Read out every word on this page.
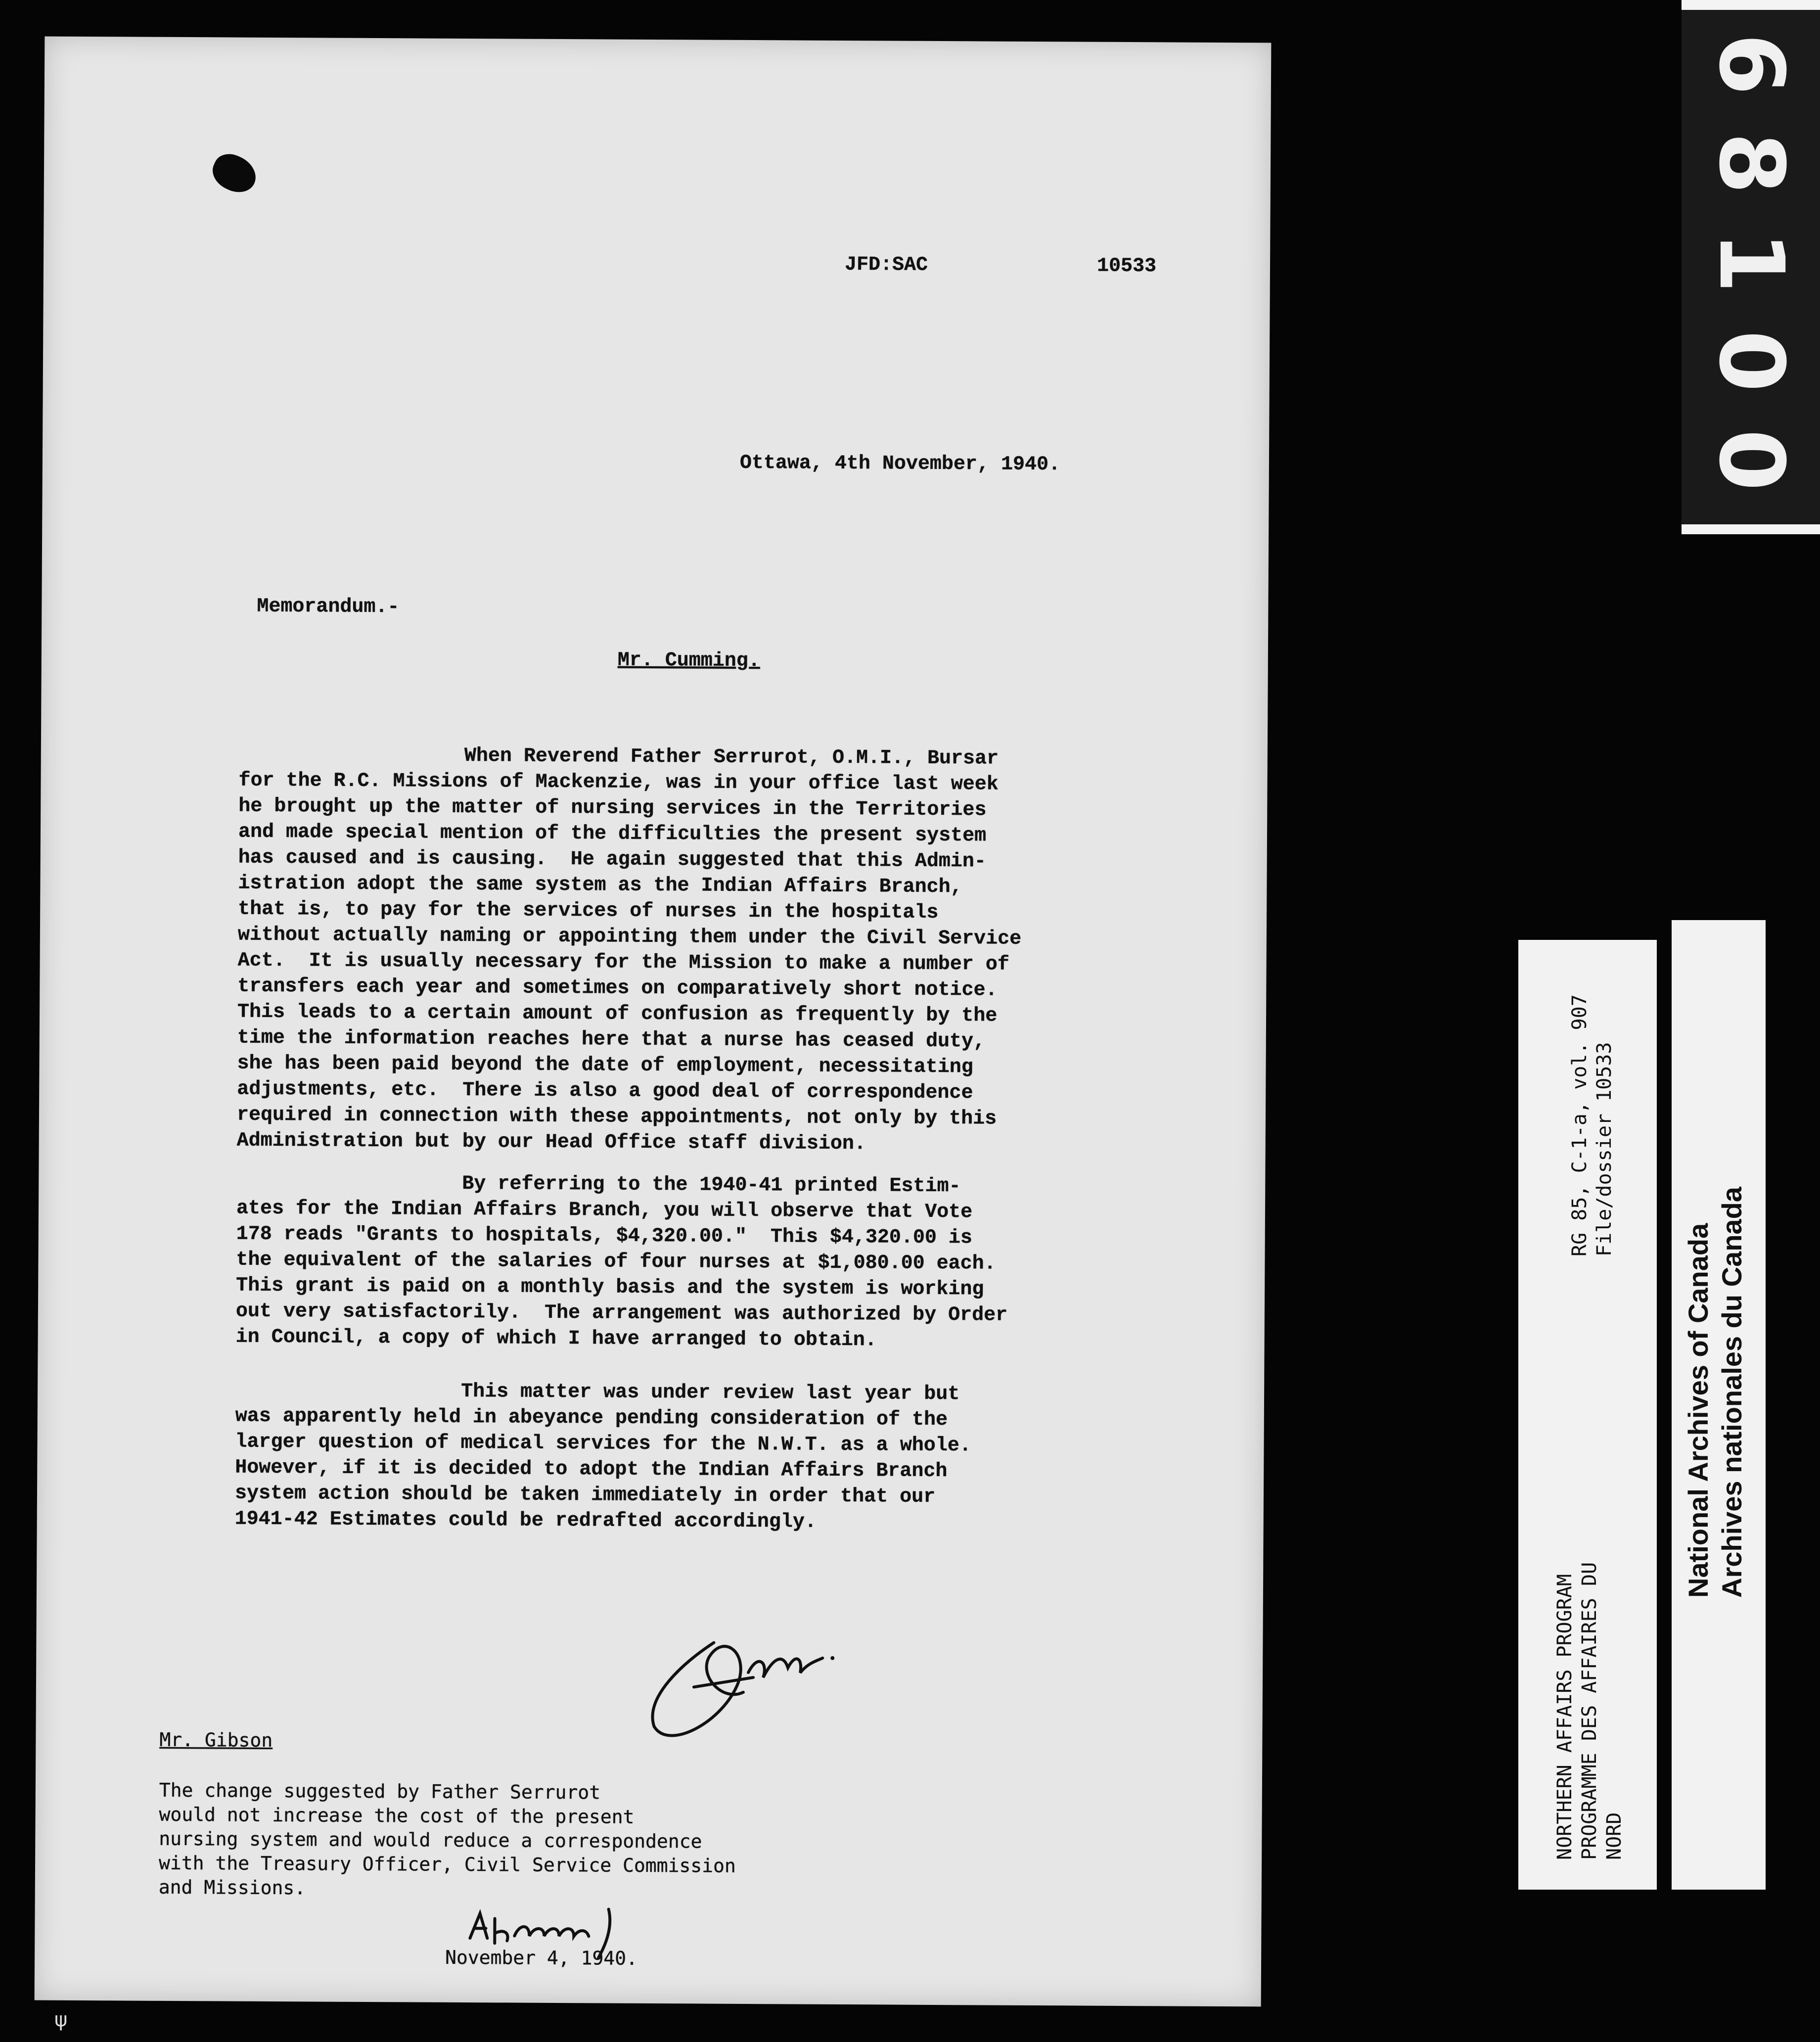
JFD:SAC	10533
Ottawa, 4th November, 1940.
Memorandum.-
Mr. Cumming.
When Reverend Father Serrurot, O.M.I., Bursar
for the R.C. Missions of Mackenzie, was in your office last week
he brought up the matter of nursing services in the Territories
and made special mention of the difficulties the present system
has caused and is causing.  He again suggested that this Admin-
istration adopt the same system as the Indian Affairs Branch,
that is, to pay for the services of nurses in the hospitals
without actually naming or appointing them under the Civil Service
Act.  It is usually necessary for the Mission to make a number of
transfers each year and sometimes on comparatively short notice.
This leads to a certain amount of confusion as frequently by the
time the information reaches here that a nurse has ceased duty,
she has been paid beyond the date of employment, necessitating
adjustments, etc.  There is also a good deal of correspondence
required in connection with these appointments, not only by this
Administration but by our Head Office staff division.
By referring to the 1940-41 printed Estim-
ates for the Indian Affairs Branch, you will observe that Vote
178 reads "Grants to hospitals, $4,320.00."  This $4,320.00 is
the equivalent of the salaries of four nurses at $1,080.00 each.
This grant is paid on a monthly basis and the system is working
out very satisfactorily.  The arrangement was authorized by Order
in Council, a copy of which I have arranged to obtain.
This matter was under review last year but
was apparently held in abeyance pending consideration of the
larger question of medical services for the N.W.T. as a whole.
However, if it is decided to adopt the Indian Affairs Branch
system action should be taken immediately in order that our
1941-42 Estimates could be redrafted accordingly.
Mr. Gibson
The change suggested by Father Serrurot
would not increase the cost of the present
nursing system and would reduce a correspondence
with the Treasury Officer, Civil Service Commission
and Missions.
November 4, 1940.
6
8
1
0
0
RG 85, C-1-a, vol. 907 File/dossier 10533
NORTHERN AFFAIRS PROGRAM PROGRAMME DES AFFAIRES DU NORD
National Archives of Canada Archives nationales du Canada
ψ
